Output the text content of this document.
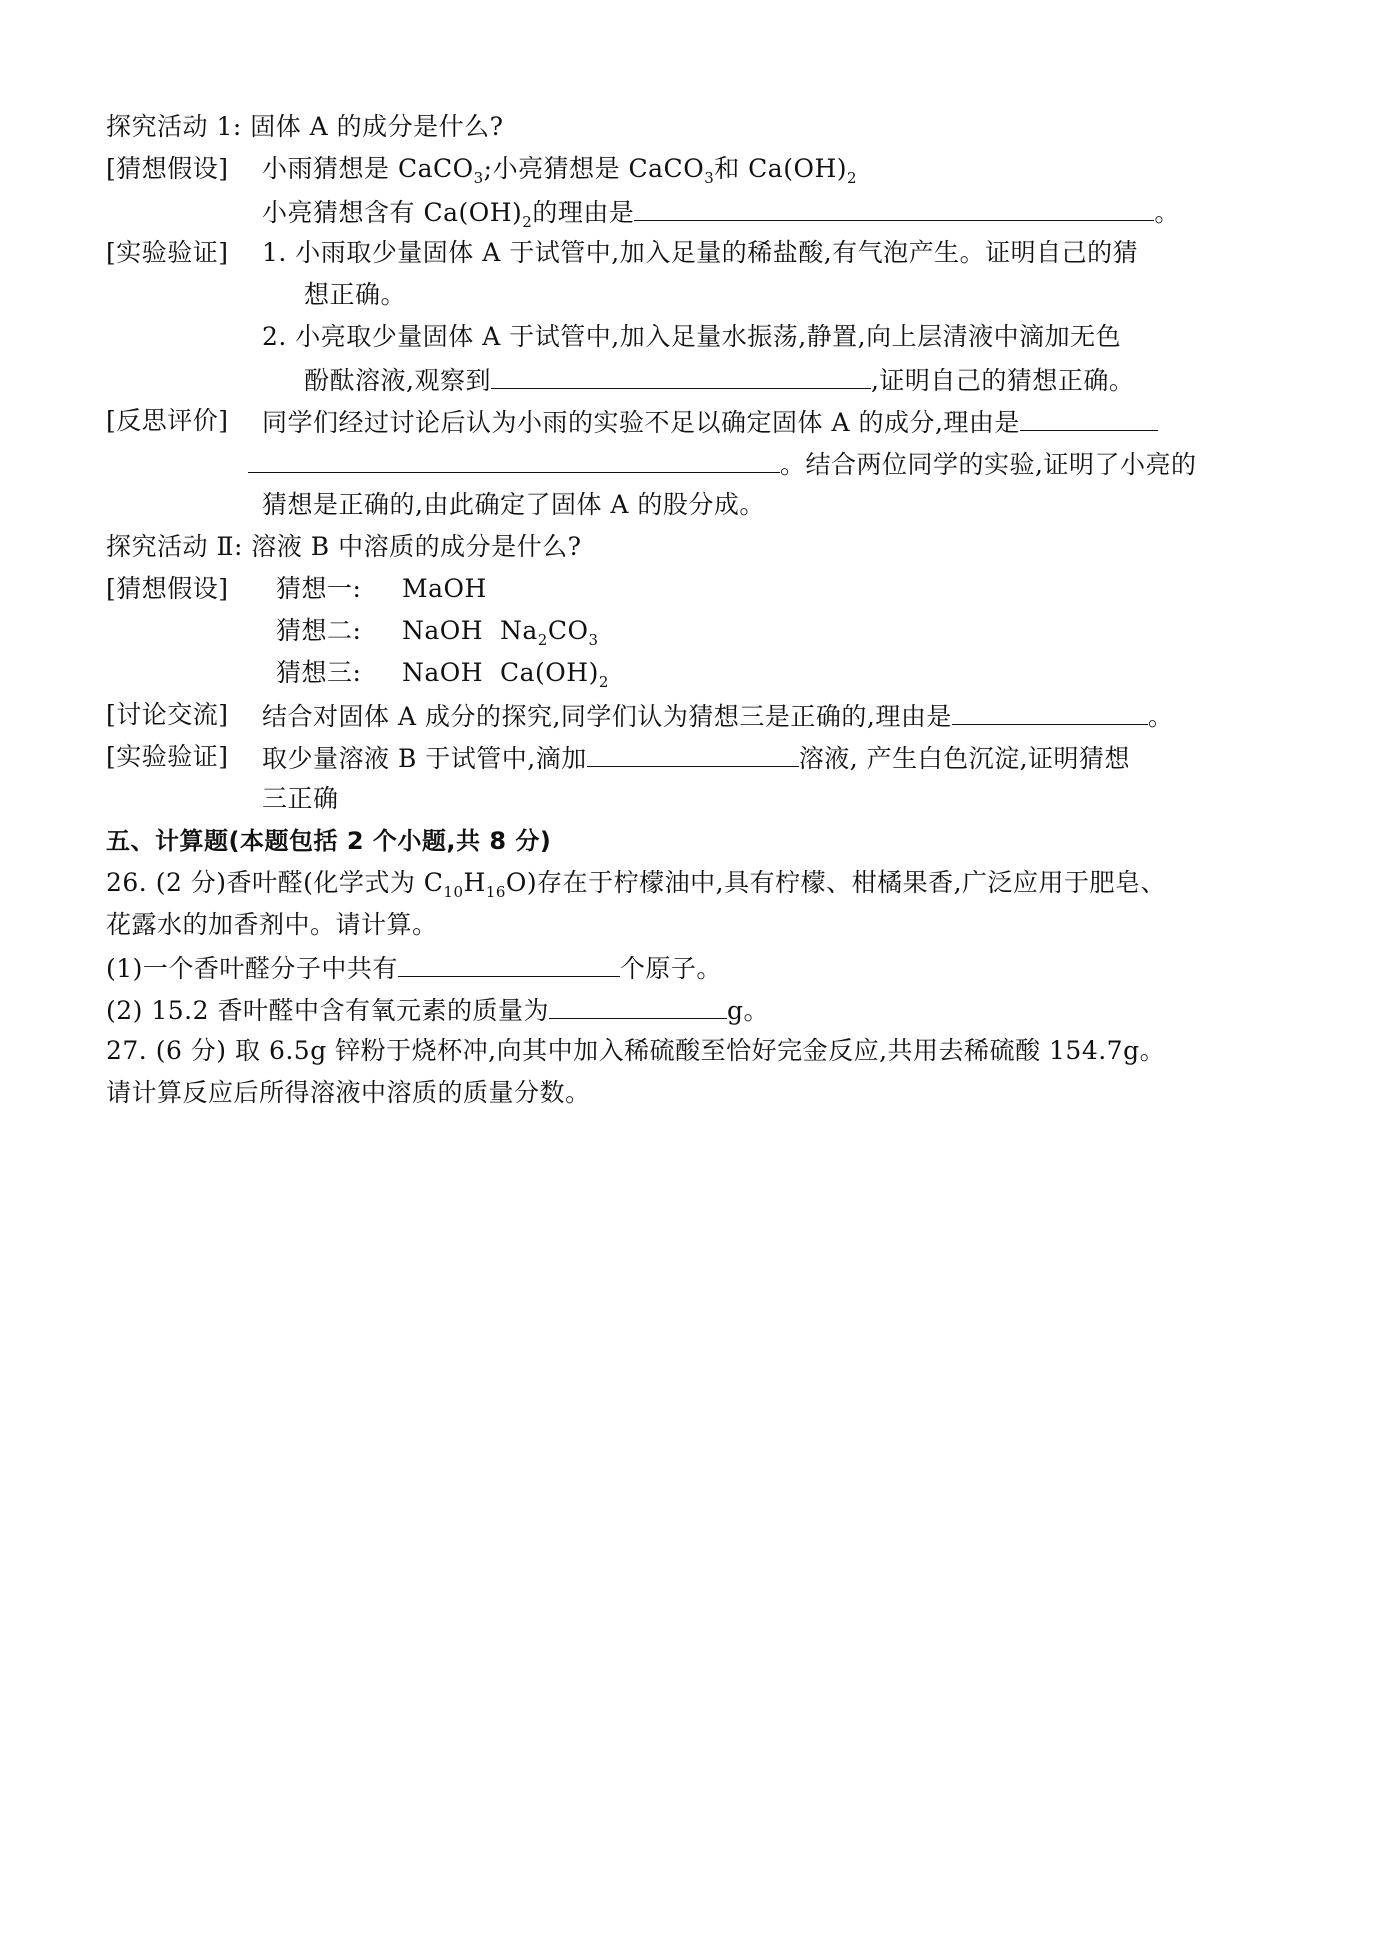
探究活动 1: 固体 A 的成分是什么?
[猜想假设] 小雨猜想是 CaCO$_3$;小亮猜想是 CaCO$_3$和 $Ca(OH)_2$
小亮猜想含有 $Ca(OH)_2$的理由是	。
[实验验证] 1. 小雨取少量固体 A 于试管中,加入足量的稀盐酸,有气泡产生。证明自己的猜
想正确。
2. 小亮取少量固体 A 于试管中,加入足量水振荡,静置,向上层清液中滴加无色
酚酞溶液,观察到	,证明自己的猜想正确。
[反思评价] 同学们经过讨论后认为小雨的实验不足以确定固体 A 的成分,理由是
。结合两位同学的实验,证明了小亮的
猜想是正确的,由此确定了固体 A 的股分成。
探究活动 Ⅱ: 溶液 B 中溶质的成分是什么?
[猜想假设] 猜想一: MaOH
猜想二: NaOH $Na_2CO_3$
猜想三: NaOH $Ca(OH)_2$
[讨论交流] 结合对固体 A 成分的探究,同学们认为猜想三是正确的,理由是	。
[实验验证] 取少量溶液 B 于试管中,滴加	溶液, 产生白色沉淀,证明猜想
三正确
五、计算题(本题包括 2 个小题,共 8 分)
26. (2 分)香叶醛(化学式为 $C_{10}H_{16}O$)存在于柠檬油中,具有柠檬、柑橘果香,广泛应用于肥皂、
花露水的加香剂中。请计算。
(1)一个香叶醛分子中共有	个原子。
(2) 15.2 香叶醛中含有氧元素的质量为	g。
27. (6 分) 取 6.5g 锌粉于烧杯冲,向其中加入稀硫酸至恰好完金反应,共用去稀硫酸 154.7g。
请计算反应后所得溶液中溶质的质量分数。
